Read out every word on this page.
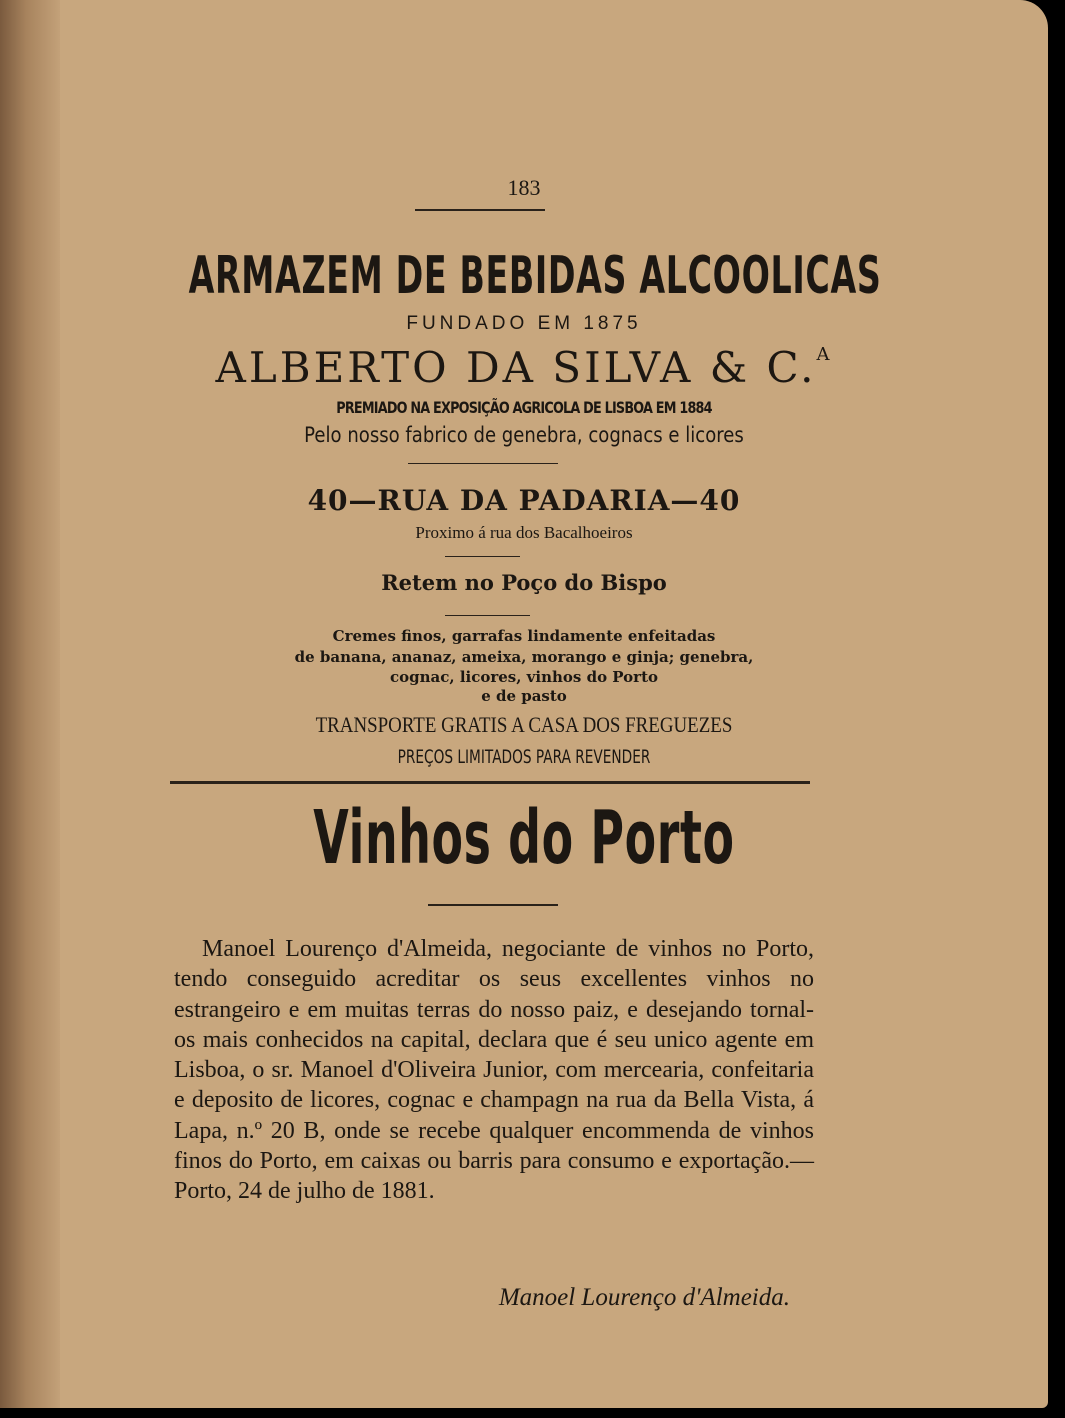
183
ARMAZEM DE BEBIDAS ALCOOLICAS
FUNDADO EM 1875
ALBERTO DA SILVA & C.$^A$
PREMIADO NA EXPOSIÇÃO AGRICOLA DE LISBOA EM 1884
Pelo nosso fabrico de genebra, cognacs e licores
40—RUA DA PADARIA—40
Proximo á rua dos Bacalhoeiros
Retem no Poço do Bispo
Cremes finos, garrafas lindamente enfeitadas
de banana, ananaz, ameixa, morango e ginja; genebra,
cognac, licores, vinhos do Porto
e de pasto
TRANSPORTE GRATIS A CASA DOS FREGUEZES
PREÇOS LIMITADOS PARA REVENDER
Vinhos do Porto

Manoel Lourenço d'Almeida, negociante de vinhos no Porto, tendo conseguido acreditar os seus excellentes vinhos no estrangeiro e em muitas terras do nosso paiz, e desejando tornal-os mais conhecidos na capital, declara que é seu unico agente em Lisboa, o sr. Manoel d'Oliveira Junior, com mercearia, confeitaria e deposito de licores, cognac e champagn na rua da Bella Vista, á Lapa, n.º 20 B, onde se recebe qualquer encommenda de vinhos finos do Porto, em caixas ou barris para consumo e exportação.—Porto, 24 de julho de 1881.

Manoel Lourenço d'Almeida.
